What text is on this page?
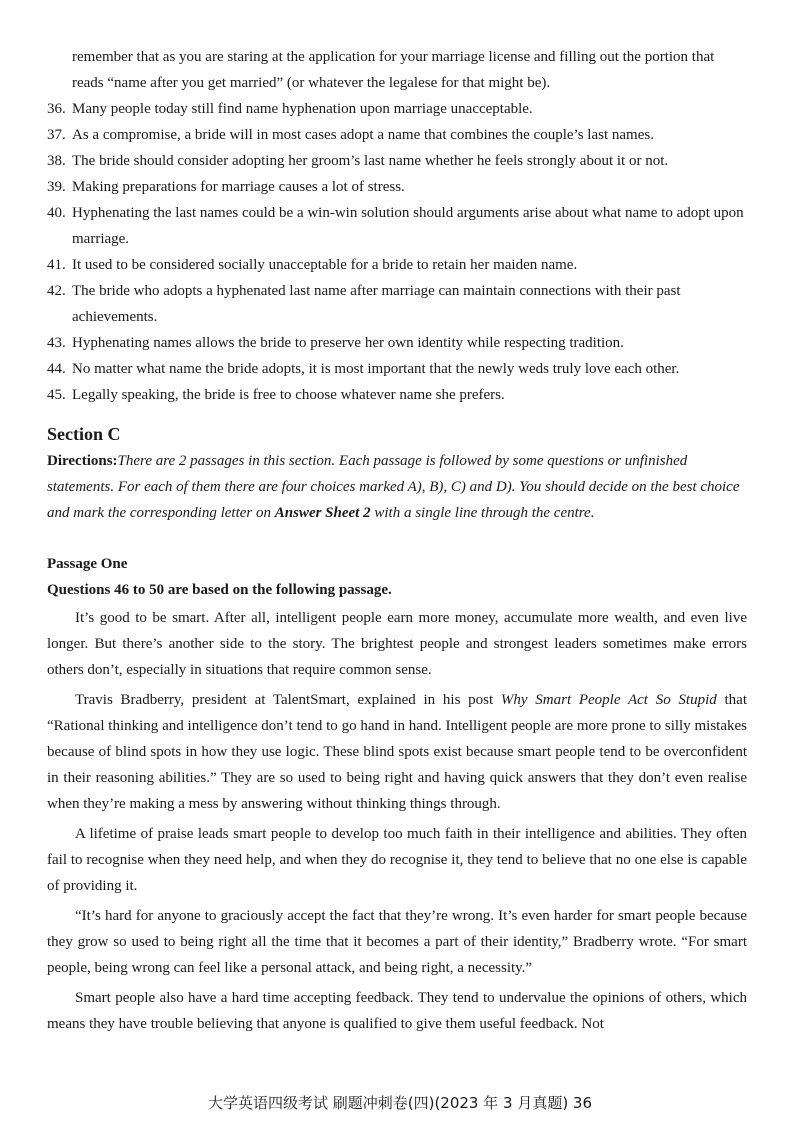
remember that as you are staring at the application for your marriage license and filling out the portion that reads “name after you get married” (or whatever the legalese for that might be).
36. Many people today still find name hyphenation upon marriage unacceptable.
37. As a compromise, a bride will in most cases adopt a name that combines the couple’s last names.
38. The bride should consider adopting her groom’s last name whether he feels strongly about it or not.
39. Making preparations for marriage causes a lot of stress.
40. Hyphenating the last names could be a win-win solution should arguments arise about what name to adopt upon marriage.
41. It used to be considered socially unacceptable for a bride to retain her maiden name.
42. The bride who adopts a hyphenated last name after marriage can maintain connections with their past achievements.
43. Hyphenating names allows the bride to preserve her own identity while respecting tradition.
44. No matter what name the bride adopts, it is most important that the newly weds truly love each other.
45. Legally speaking, the bride is free to choose whatever name she prefers.
Section C
Directions:There are 2 passages in this section. Each passage is followed by some questions or unfinished statements. For each of them there are four choices marked A), B), C) and D). You should decide on the best choice and mark the corresponding letter on Answer Sheet 2 with a single line through the centre.
Passage One
Questions 46 to 50 are based on the following passage.

It’s good to be smart. After all, intelligent people earn more money, accumulate more wealth, and even live longer. But there’s another side to the story. The brightest people and strongest leaders sometimes make errors others don’t, especially in situations that require common sense.

Travis Bradberry, president at TalentSmart, explained in his post Why Smart People Act So Stupid that “Rational thinking and intelligence don’t tend to go hand in hand. Intelligent people are more prone to silly mistakes because of blind spots in how they use logic. These blind spots exist because smart people tend to be overconfident in their reasoning abilities.” They are so used to being right and having quick answers that they don’t even realise when they’re making a mess by answering without thinking things through.

A lifetime of praise leads smart people to develop too much faith in their intelligence and abilities. They often fail to recognise when they need help, and when they do recognise it, they tend to believe that no one else is capable of providing it.

“It’s hard for anyone to graciously accept the fact that they’re wrong. It’s even harder for smart people because they grow so used to being right all the time that it becomes a part of their identity,” Bradberry wrote. “For smart people, being wrong can feel like a personal attack, and being right, a necessity.”

Smart people also have a hard time accepting feedback. They tend to undervalue the opinions of others, which means they have trouble believing that anyone is qualified to give them useful feedback. Not

大学英语四级考试 刷题冲刺卷(四)(2023 年 3 月真题) 36
